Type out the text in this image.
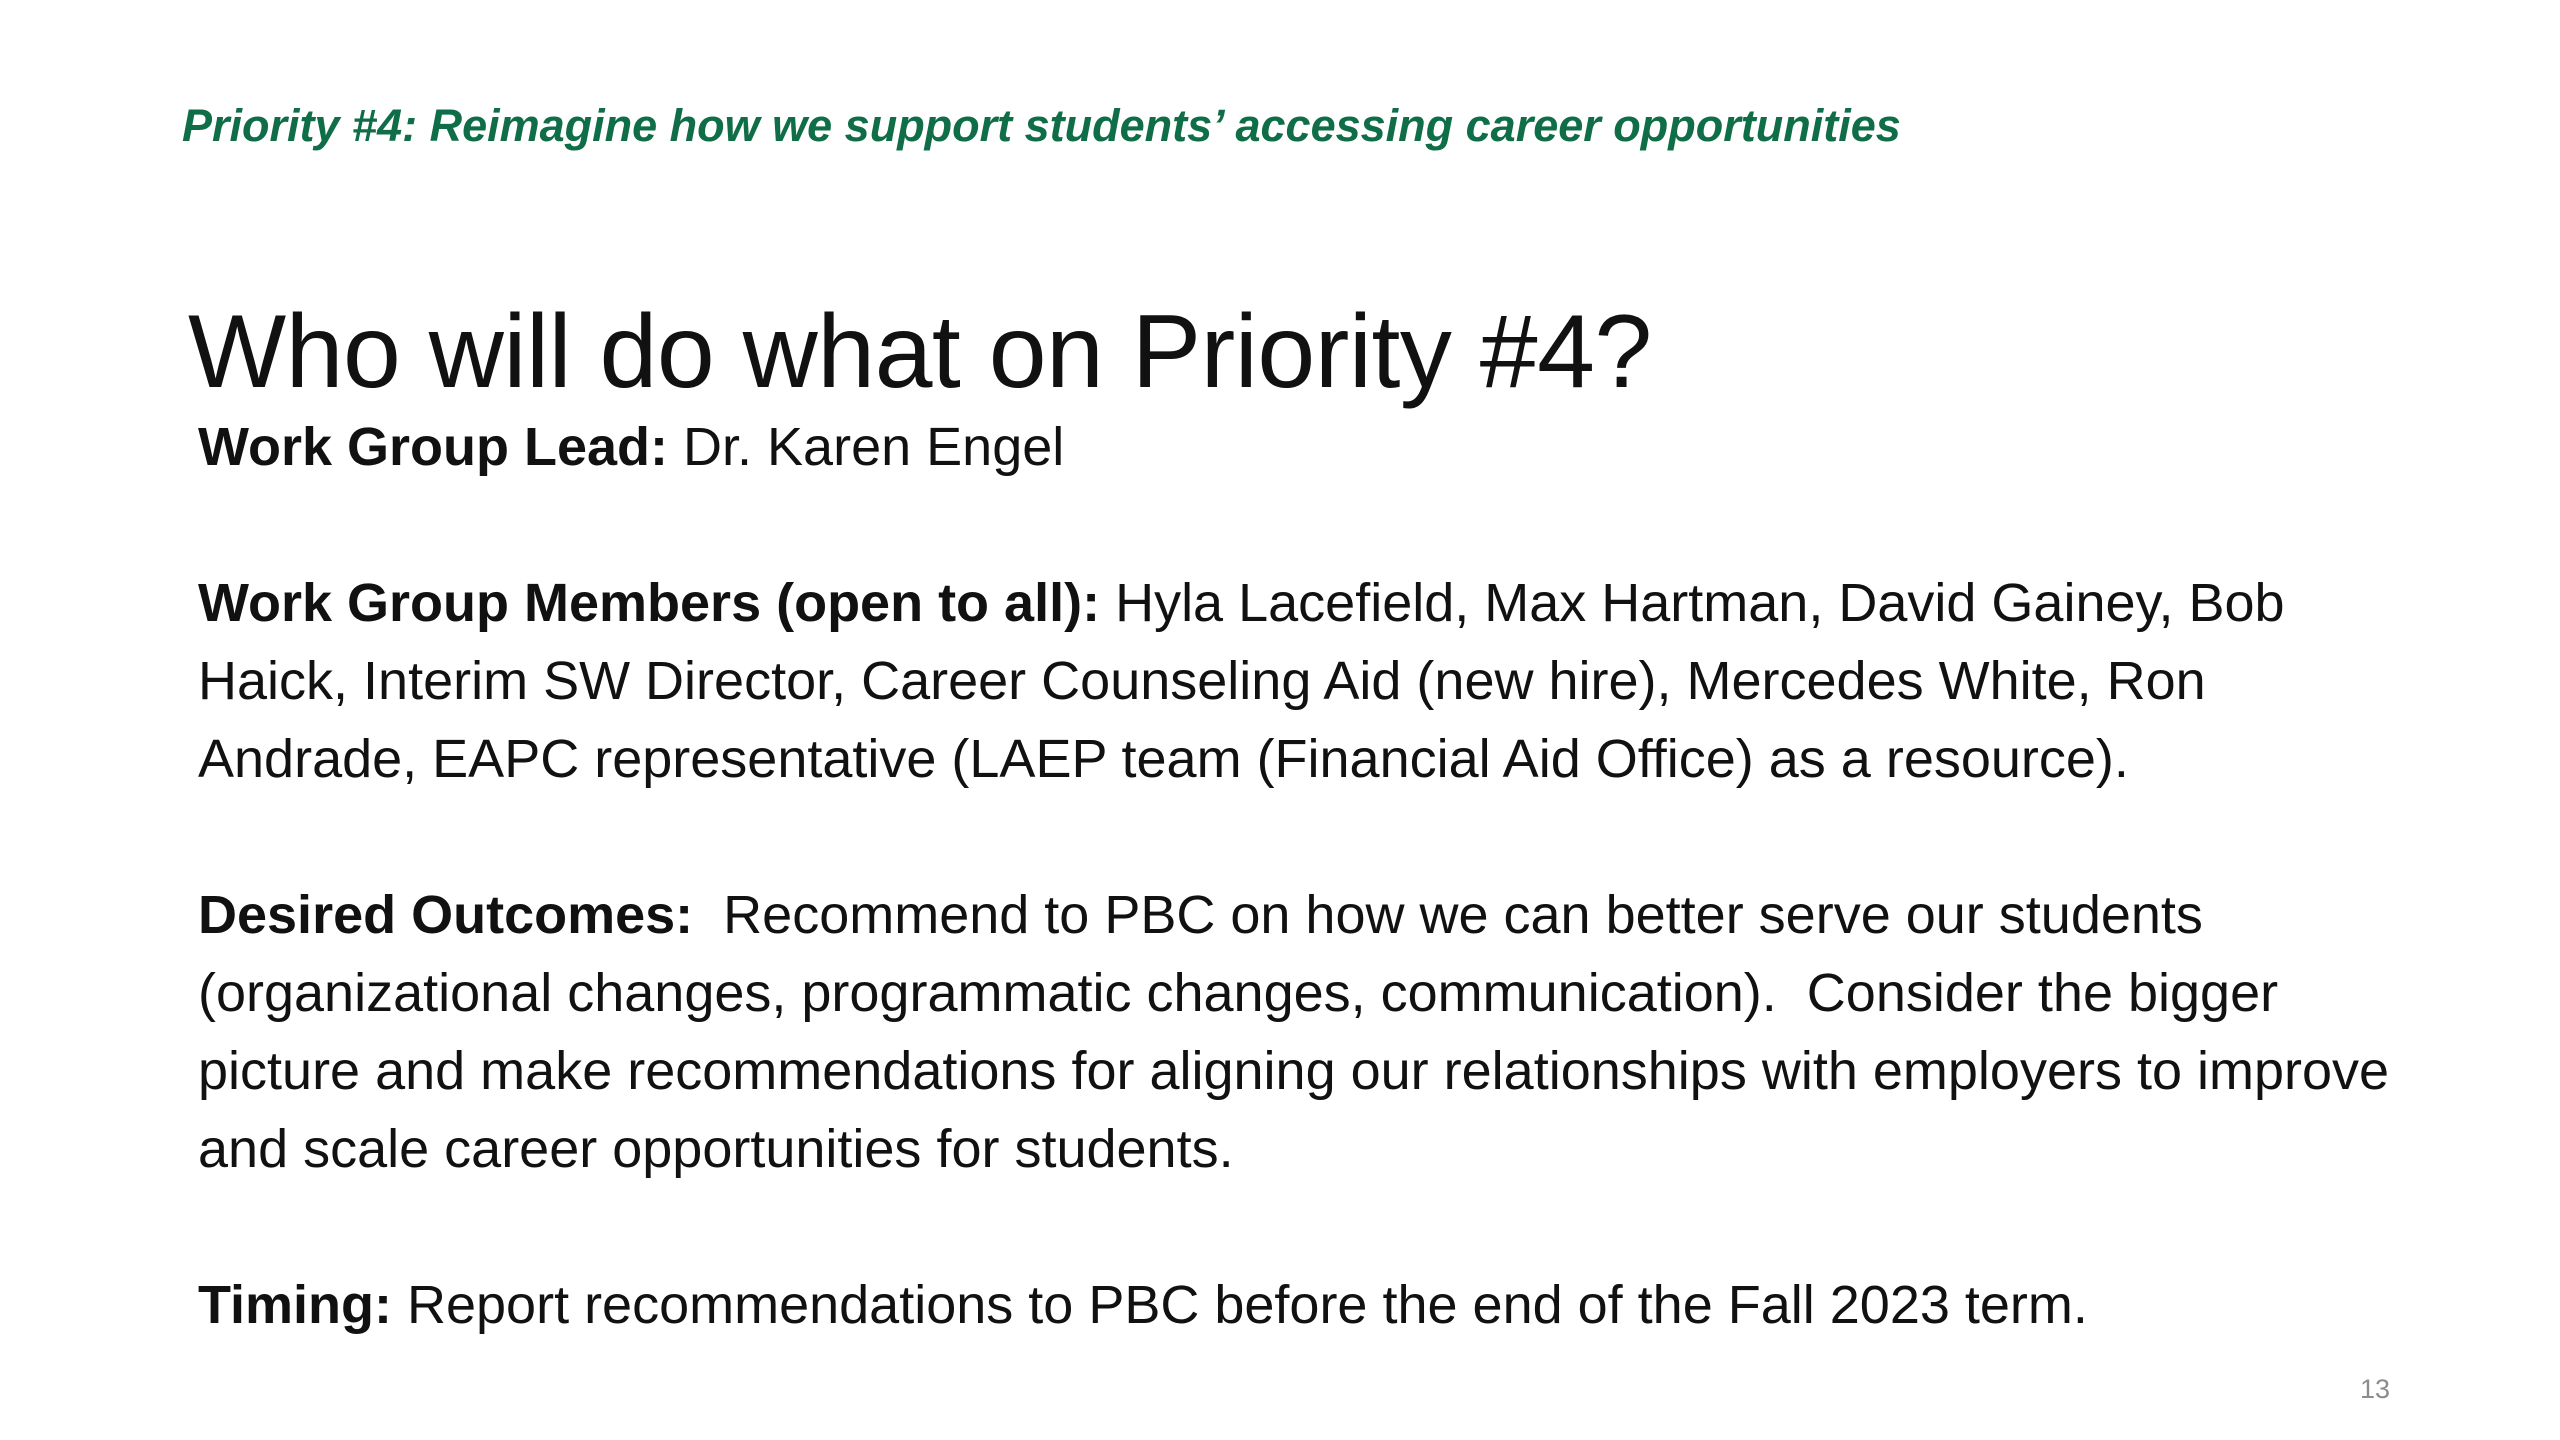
Priority #4: Reimagine how we support students’ accessing career opportunities
Who will do what on Priority #4?

Work Group Lead: Dr. Karen Engel

Work Group Members (open to all): Hyla Lacefield, Max Hartman, David Gainey, Bob Haick, Interim SW Director, Career Counseling Aid (new hire), Mercedes White, Ron Andrade, EAPC representative (LAEP team (Financial Aid Office) as a resource).

Desired Outcomes:  Recommend to PBC on how we can better serve our students (organizational changes, programmatic changes, communication).  Consider the bigger picture and make recommendations for aligning our relationships with employers to improve and scale career opportunities for students.

Timing: Report recommendations to PBC before the end of the Fall 2023 term.

13
